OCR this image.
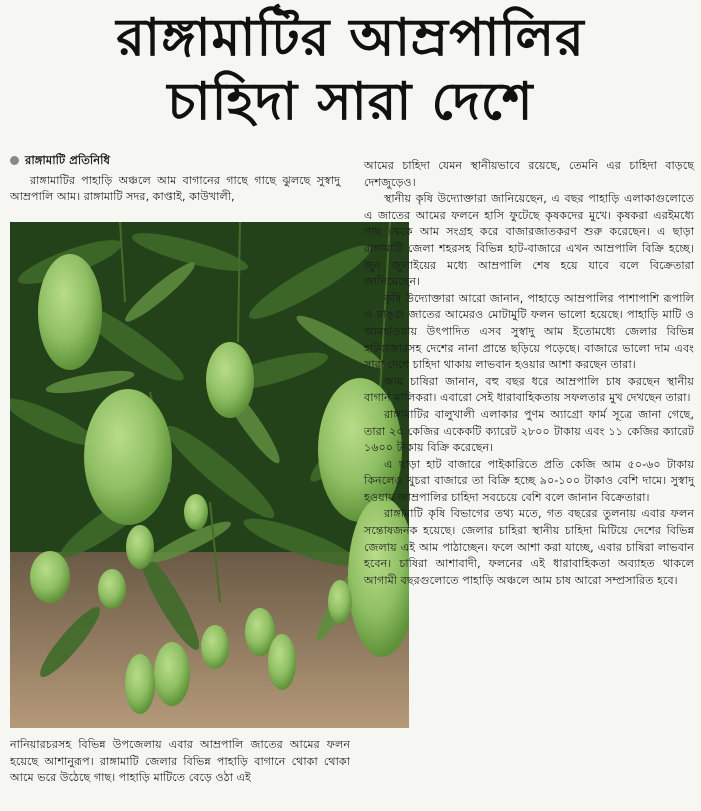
রাঙ্গামাটির আম্রপালির
চাহিদা সারা দেশে
রাঙ্গামাটি প্রতিনিধি

রাঙ্গামাটির পাহাড়ি অঞ্চলে আম বাগানের গাছে গাছে ঝুলছে সুস্বাদু আম্রপালি আম। রাঙ্গামাটি সদর, কাপ্তাই, কাউখালী,

নানিয়ারচরসহ বিভিন্ন উপজেলায় এবার আম্রপালি জাতের আমের ফলন হয়েছে আশানুরূপ। রাঙ্গামাটি জেলার বিভিন্ন পাহাড়ি বাগানে থোকা থোকা আমে ভরে উঠেছে গাছ। পাহাড়ি মাটিতে বেড়ে ওঠা এই

আমের চাহিদা যেমন স্থানীয়ভাবে রয়েছে, তেমনি এর চাহিদা বাড়ছে দেশজুড়েও।

স্থানীয় কৃষি উদ্যোক্তারা জানিয়েছেন, এ বছর পাহাড়ি এলাকাগুলোতে এ জাতের আমের ফলনে হাসি ফুটেছে কৃষকদের মুখে। কৃষকরা এরইমধ্যে গাছ থেকে আম সংগ্রহ করে বাজারজাতকরণ শুরু করেছেন। এ ছাড়া রাঙ্গামাটি জেলা শহরসহ বিভিন্ন হাট-বাজারে এখন আম্রপালি বিক্রি হচ্ছে। জুন জুলাইয়ের মধ্যে আম্রপালি শেষ হয়ে যাবে বলে বিক্রেতারা জানিয়েছেন।

কৃষি উদ্যোক্তারা আরো জানান, পাহাড়ে আম্রপালির পাশাপাশি রূপালি ও রাঙ্গু জাতের আমেরও মোটামুটি ফলন ভালো হয়েছে। পাহাড়ি মাটি ও আবহাওয়ায় উৎপাদিত এসব সুস্বাদু আম ইতোমধ্যে জেলার বিভিন্ন হাটবাজারসহ দেশের নানা প্রান্তে ছড়িয়ে পড়েছে। বাজারে ভালো দাম এবং সারা দেশে চাহিদা থাকায় লাভবান হওয়ার আশা করছেন তারা।

আম চাষিরা জানান, বহু বছর ধরে আম্রপালি চাষ করছেন স্থানীয় বাগান মালিকরা। এবারো সেই ধারাবাহিকতায় সফলতার মুখ দেখছেন তারা।

রাঙ্গামাটির বালুখালী এলাকার পুণম অ্যাগ্রো ফার্ম সূত্রে জানা গেছে, তারা ২০ কেজির একেকটি ক্যারেট ২৮০০ টাকায় এবং ১১ কেজির ক্যারেট ১৬০০ টাকায় বিক্রি করেছেন।

এ ছাড়া হাট বাজারে পাইকারিতে প্রতি কেজি আম ৫০-৬০ টাকায় কিনলেও খুচরা বাজারে তা বিক্রি হচ্ছে ৯০-১০০ টাকাও বেশি দামে। সুস্বাদু হওয়ায় আম্রপালির চাহিদা সবচেয়ে বেশি বলে জানান বিক্রেতারা।

রাঙ্গামাটি কৃষি বিভাগের তথ্য মতে, গত বছরের তুলনায় এবার ফলন সন্তোষজনক হয়েছে। জেলার চাহিরা স্থানীয় চাহিদা মিটিয়ে দেশের বিভিন্ন জেলায় এই আম পাঠাচ্ছেন। ফলে আশা করা যাচ্ছে, এবার চাষিরা লাভবান হবেন। চাষিরা আশাবাদী, ফলনের এই ধারাবাহিকতা অব্যাহত থাকলে আগামী বছরগুলোতে পাহাড়ি অঞ্চলে আম চাষ আরো সম্প্রসারিত হবে।
